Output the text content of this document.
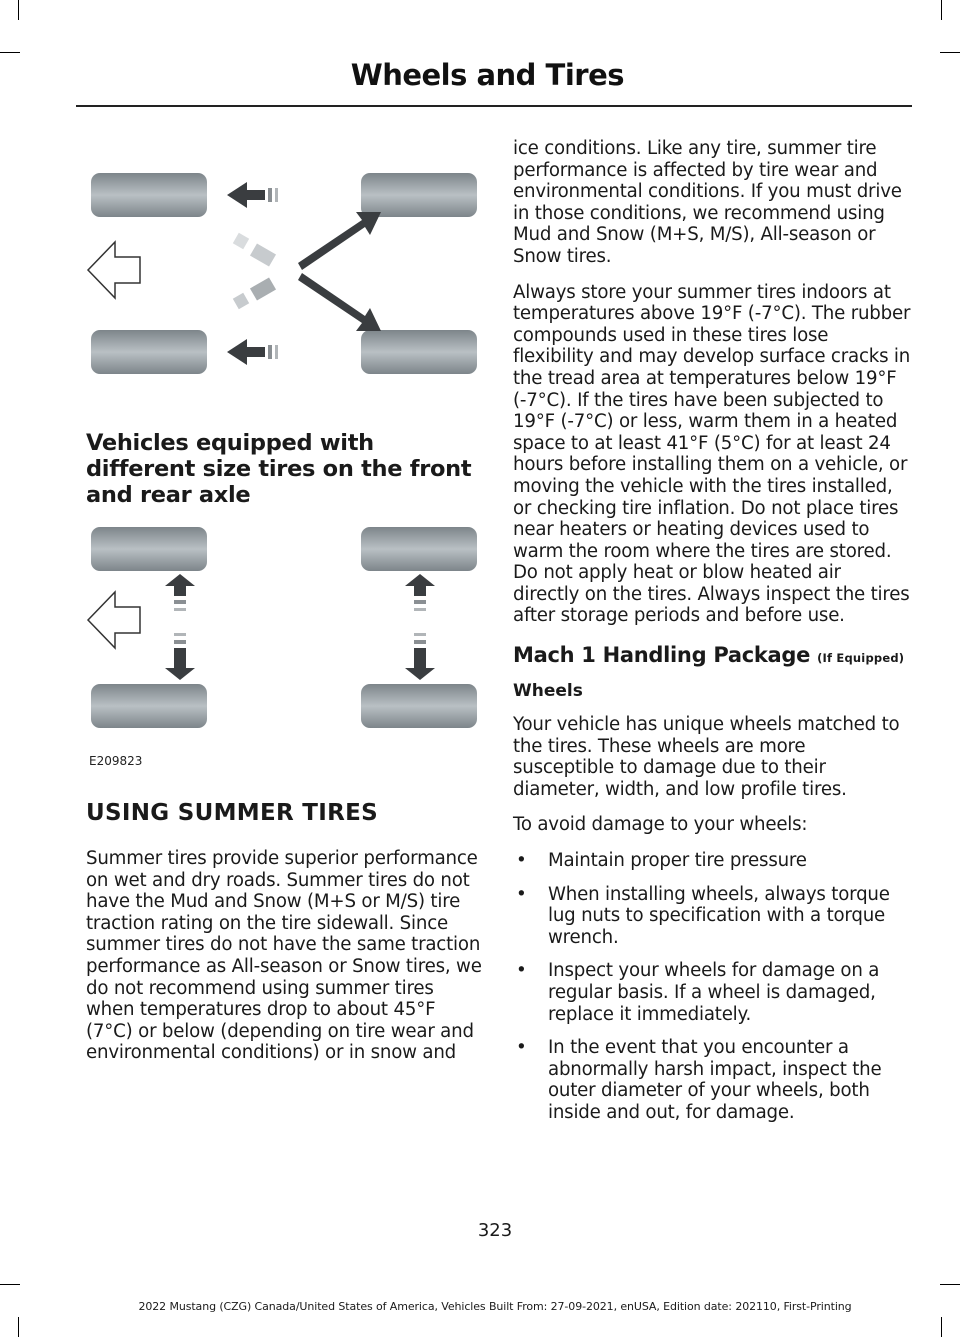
Wheels and Tires
Vehicles equipped with different size tires on the front and rear axle
E209823
USING SUMMER TIRES

Summer tires provide superior performance on wet and dry roads. Summer tires do not have the Mud and Snow (M+S or M/S) tire traction rating on the tire sidewall. Since summer tires do not have the same traction performance as All-season or Snow tires, we do not recommend using summer tires when temperatures drop to about 45°F (7°C) or below (depending on tire wear and environmental conditions) or in snow and

ice conditions. Like any tire, summer tire performance is affected by tire wear and environmental conditions. If you must drive in those conditions, we recommend using Mud and Snow (M+S, M/S), All-season or Snow tires.

Always store your summer tires indoors at temperatures above 19°F (-7°C). The rubber compounds used in these tires lose flexibility and may develop surface cracks in the tread area at temperatures below 19°F (-7°C). If the tires have been subjected to 19°F (-7°C) or less, warm them in a heated space to at least 41°F (5°C) for at least 24 hours before installing them on a vehicle, or moving the vehicle with the tires installed, or checking tire inflation. Do not place tires near heaters or heating devices used to warm the room where the tires are stored. Do not apply heat or blow heated air directly on the tires. Always inspect the tires after storage periods and before use.

Mach 1 Handling Package (If Equipped)
Wheels

Your vehicle has unique wheels matched to the tires. These wheels are more susceptible to damage due to their diameter, width, and low profile tires.

To avoid damage to your wheels:

• Maintain proper tire pressure
• When installing wheels, always torque lug nuts to specification with a torque wrench.
• Inspect your wheels for damage on a regular basis. If a wheel is damaged, replace it immediately.
• In the event that you encounter a abnormally harsh impact, inspect the outer diameter of your wheels, both inside and out, for damage.
323
2022 Mustang (CZG) Canada/United States of America, Vehicles Built From: 27-09-2021, enUSA, Edition date: 202110, First-Printing
